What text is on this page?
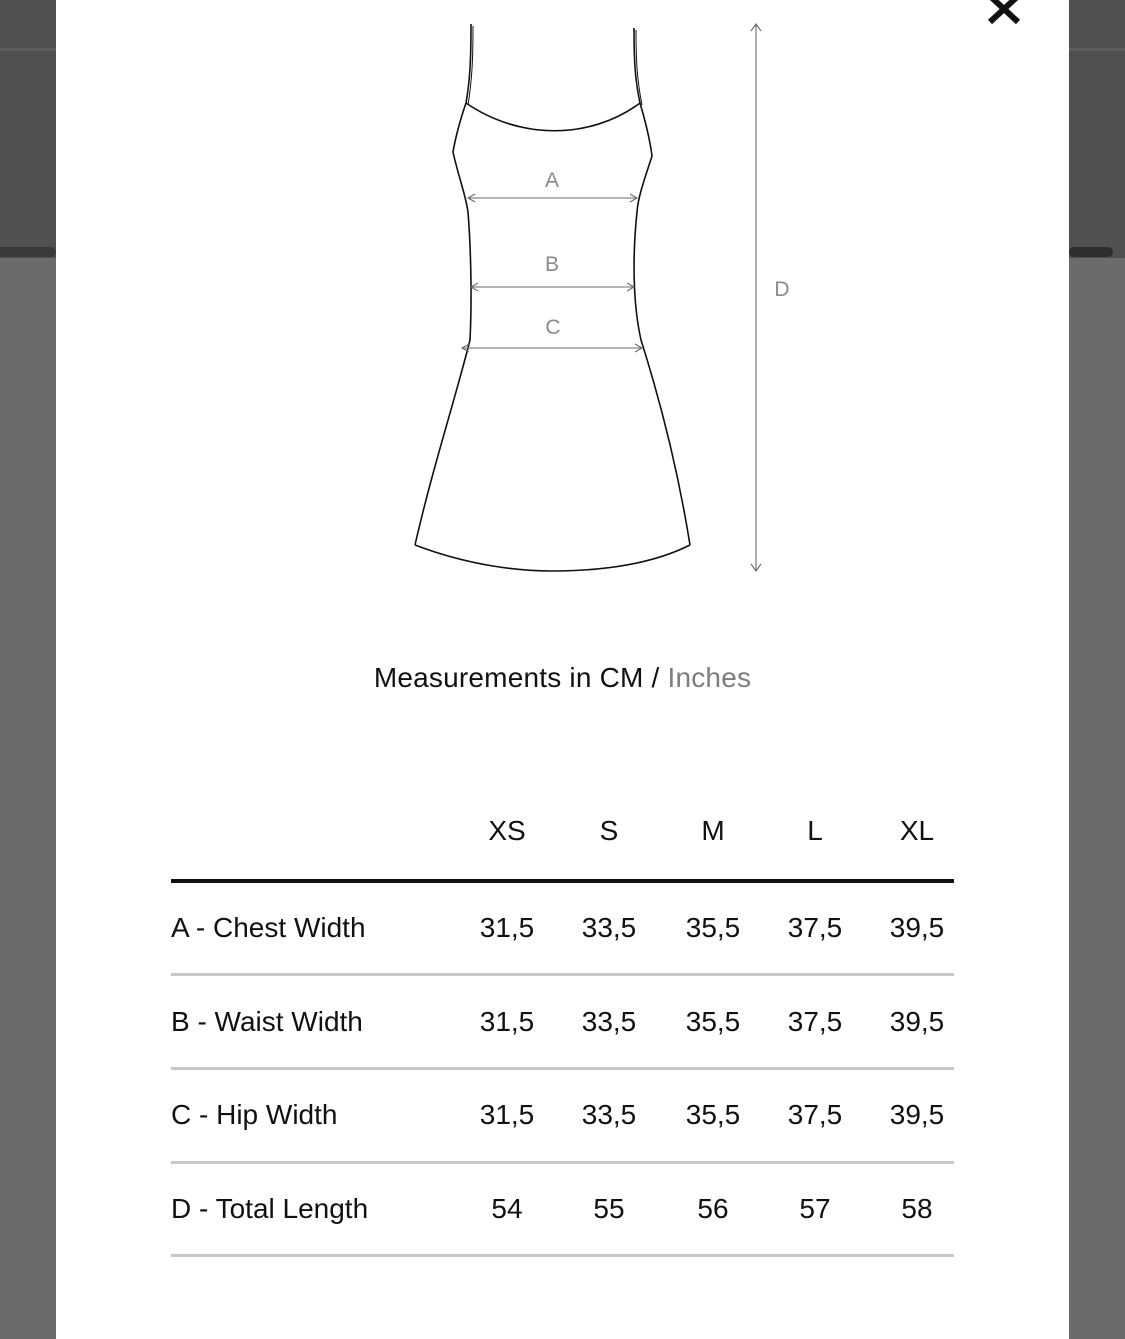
A
B
C
D
Measurements in CM / Inches
XS	S	M	L	XL
A - Chest Width	31,5	33,5	35,5	37,5	39,5
B - Waist Width	31,5	33,5	35,5	37,5	39,5
C - Hip Width	31,5	33,5	35,5	37,5	39,5
D - Total Length	54	55	56	57	58
